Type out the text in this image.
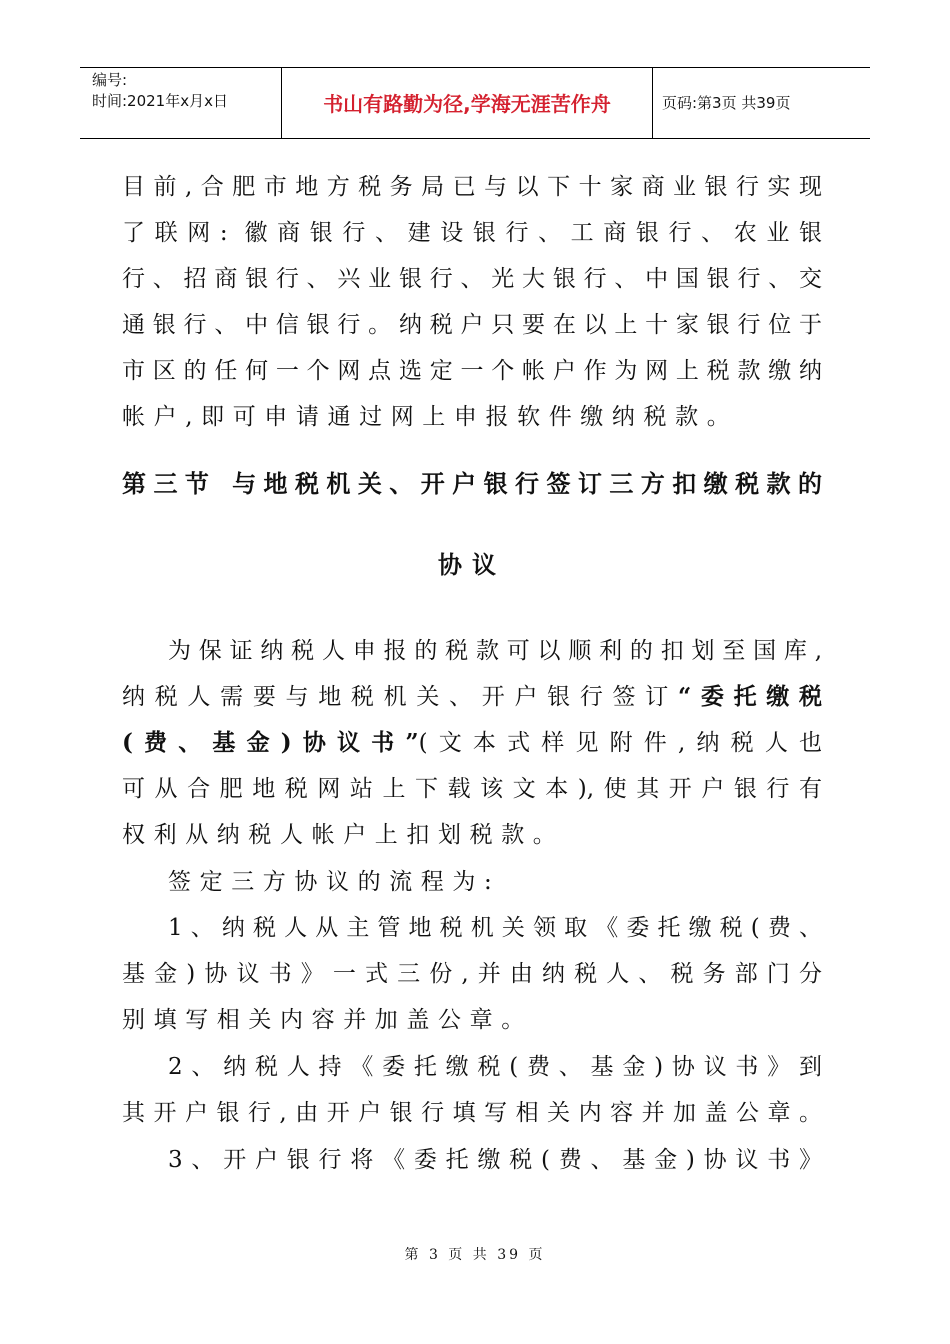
编号:
时间:2021年x月x日	书山有路勤为径,学海无涯苦作舟	页码:第3页 共39页
目前,合肥市地方税务局已与以下十家商业银行实现
了联网: 徽商银行、建设银行、工商银行、农业银
行、招商银行、兴业银行、光大银行、中国银行、交
通银行、中信银行。纳税户只要在以上十家银行位于
市区的任何一个网点选定一个帐户作为网上税款缴纳
帐户,即可申请通过网上申报软件缴纳税款。
第三节 与地税机关、开户银行签订三方扣缴税款的
协议
为保证纳税人申报的税款可以顺利的扣划至国库,
纳税人需要与地税机关、开户银行签订“委托缴税
(费、基金)协议书”(文本式样见附件,纳税人也
可从合肥地税网站上下载该文本),使其开户银行有
权利从纳税人帐户上扣划税款。
签定三方协议的流程为:
1、纳税人从主管地税机关领取《委托缴税(费、
基金)协议书》一式三份,并由纳税人、税务部门分
别填写相关内容并加盖公章。
2、纳税人持《委托缴税(费、基金)协议书》到
其开户银行,由开户银行填写相关内容并加盖公章。
3、开户银行将《委托缴税(费、基金)协议书》
第 3 页 共 39 页
